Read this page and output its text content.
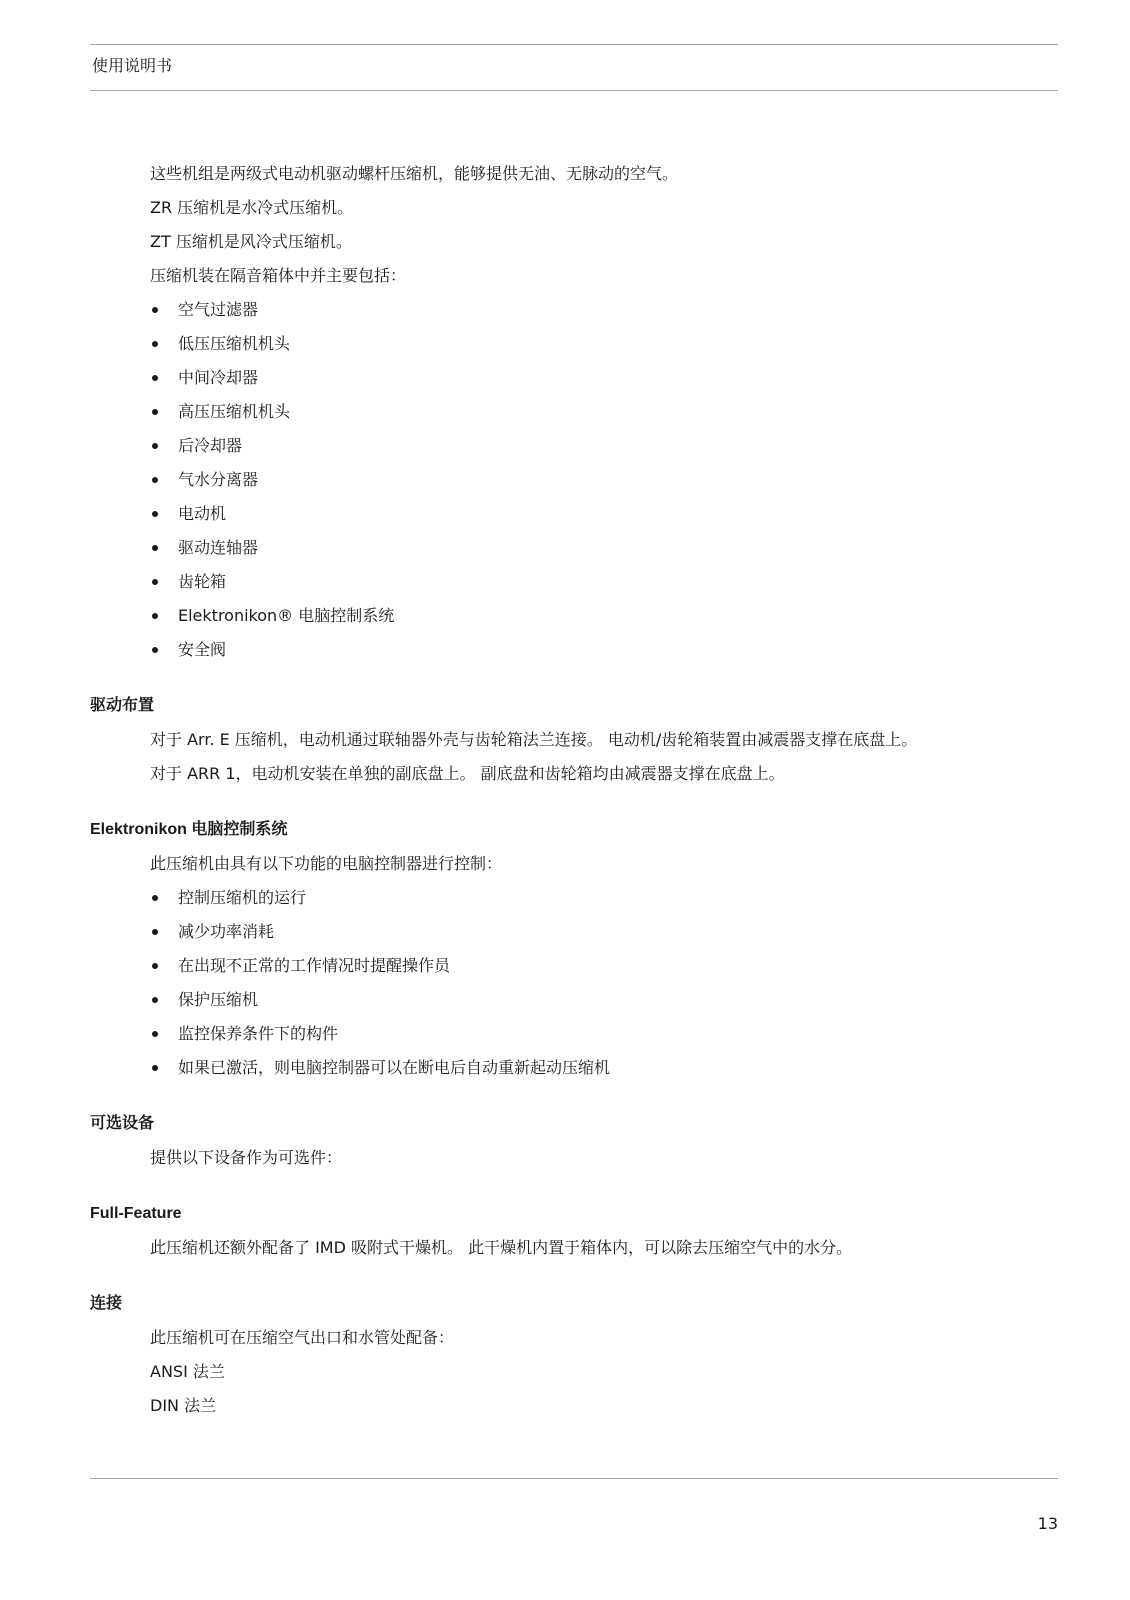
使用说明书

这些机组是两级式电动机驱动螺杆压缩机，能够提供无油、无脉动的空气。

ZR 压缩机是水冷式压缩机。

ZT 压缩机是风冷式压缩机。

压缩机装在隔音箱体中并主要包括：

空气过滤器
低压压缩机机头
中间冷却器
高压压缩机机头
后冷却器
气水分离器
电动机
驱动连轴器
齿轮箱
Elektronikon® 电脑控制系统
安全阀
驱动布置

对于 Arr. E 压缩机，电动机通过联轴器外壳与齿轮箱法兰连接。 电动机/齿轮箱装置由减震器支撑在底盘上。

对于 ARR 1，电动机安装在单独的副底盘上。 副底盘和齿轮箱均由减震器支撑在底盘上。

Elektronikon 电脑控制系统

此压缩机由具有以下功能的电脑控制器进行控制：

控制压缩机的运行
减少功率消耗
在出现不正常的工作情况时提醒操作员
保护压缩机
监控保养条件下的构件
如果已激活，则电脑控制器可以在断电后自动重新起动压缩机
可选设备

提供以下设备作为可选件：

Full-Feature

此压缩机还额外配备了 IMD 吸附式干燥机。 此干燥机内置于箱体内，可以除去压缩空气中的水分。

连接

此压缩机可在压缩空气出口和水管处配备：

ANSI 法兰

DIN 法兰

13
